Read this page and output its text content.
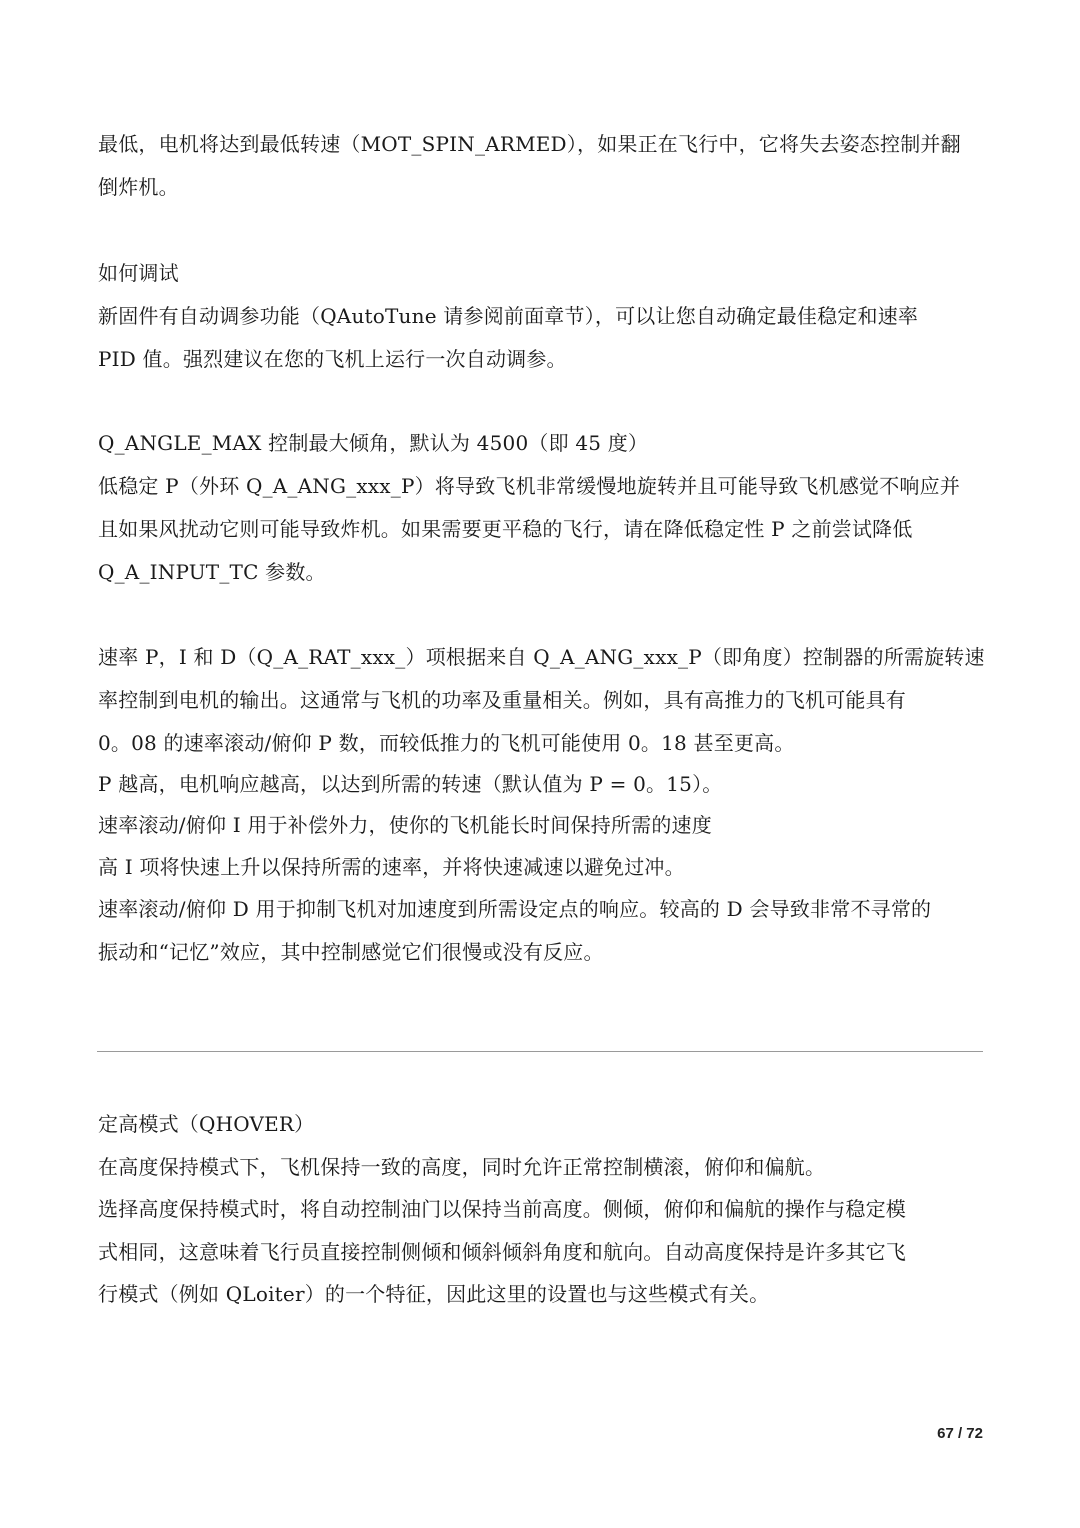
最低，电机将达到最低转速（MOT_SPIN_ARMED），如果正在飞行中，它将失去姿态控制并翻
倒炸机。
如何调试
新固件有自动调参功能（QAutoTune 请参阅前面章节），可以让您自动确定最佳稳定和速率
PID 值。强烈建议在您的飞机上运行一次自动调参。
Q_ANGLE_MAX 控制最大倾角，默认为 4500（即 45 度）
低稳定 P（外环 Q_A_ANG_xxx_P）将导致飞机非常缓慢地旋转并且可能导致飞机感觉不响应并
且如果风扰动它则可能导致炸机。如果需要更平稳的飞行，请在降低稳定性 P 之前尝试降低
Q_A_INPUT_TC 参数。
速率 P，I 和 D（Q_A_RAT_xxx_）项根据来自 Q_A_ANG_xxx_P（即角度）控制器的所需旋转速
率控制到电机的输出。这通常与飞机的功率及重量相关。例如，具有高推力的飞机可能具有
0。08 的速率滚动/俯仰 P 数，而较低推力的飞机可能使用 0。18 甚至更高。
P 越高，电机响应越高，以达到所需的转速（默认值为 P = 0。15）。
速率滚动/俯仰 I 用于补偿外力，使你的飞机能长时间保持所需的速度
高 I 项将快速上升以保持所需的速率，并将快速减速以避免过冲。
速率滚动/俯仰 D 用于抑制飞机对加速度到所需设定点的响应。较高的 D 会导致非常不寻常的
振动和“记忆”效应，其中控制感觉它们很慢或没有反应。
定高模式（QHOVER）
在高度保持模式下，飞机保持一致的高度，同时允许正常控制横滚，俯仰和偏航。
选择高度保持模式时，将自动控制油门以保持当前高度。侧倾，俯仰和偏航的操作与稳定模
式相同，这意味着飞行员直接控制侧倾和倾斜倾斜角度和航向。自动高度保持是许多其它飞
行模式（例如 QLoiter）的一个特征，因此这里的设置也与这些模式有关。
67 / 72
